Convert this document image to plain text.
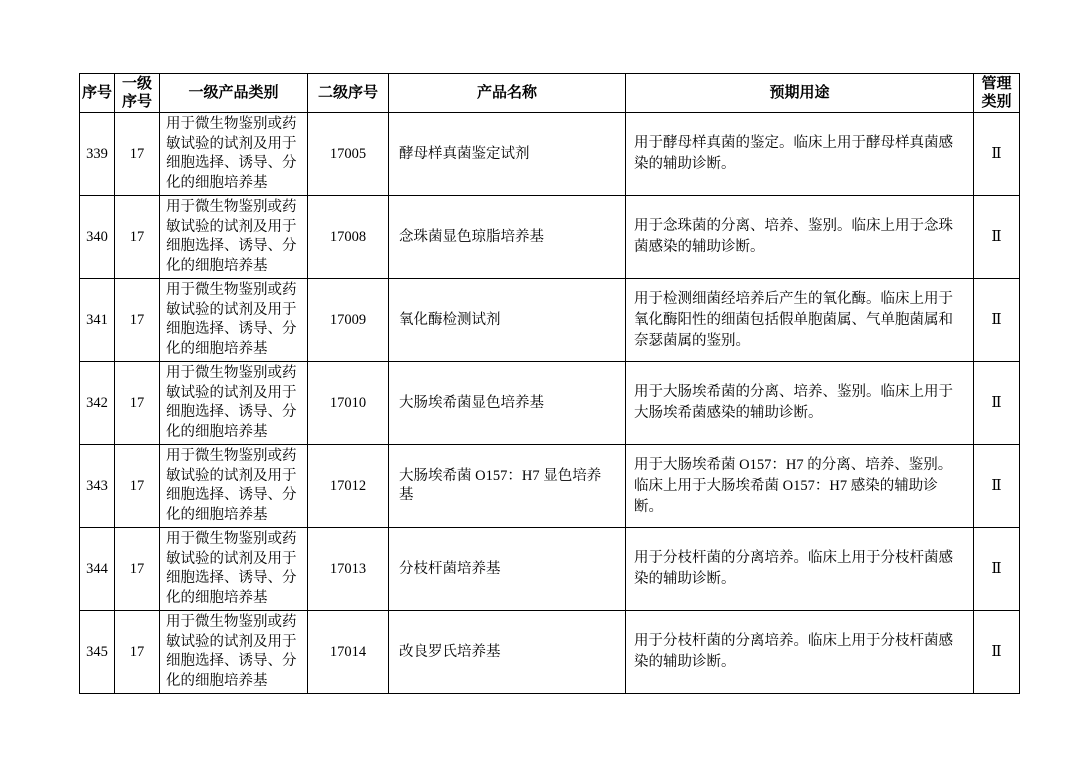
序号	一级序号	一级产品类别	二级序号	产品名称	预期用途	管理类别
339	17	用于微生物鉴别或药敏试验的试剂及用于细胞选择、诱导、分化的细胞培养基	17005	酵母样真菌鉴定试剂	用于酵母样真菌的鉴定。临床上用于酵母样真菌感染的辅助诊断。	Ⅱ
340	17	用于微生物鉴别或药敏试验的试剂及用于细胞选择、诱导、分化的细胞培养基	17008	念珠菌显色琼脂培养基	用于念珠菌的分离、培养、鉴别。临床上用于念珠菌感染的辅助诊断。	Ⅱ
341	17	用于微生物鉴别或药敏试验的试剂及用于细胞选择、诱导、分化的细胞培养基	17009	氧化酶检测试剂	用于检测细菌经培养后产生的氧化酶。临床上用于氧化酶阳性的细菌包括假单胞菌属、气单胞菌属和奈瑟菌属的鉴别。	Ⅱ
342	17	用于微生物鉴别或药敏试验的试剂及用于细胞选择、诱导、分化的细胞培养基	17010	大肠埃希菌显色培养基	用于大肠埃希菌的分离、培养、鉴别。临床上用于大肠埃希菌感染的辅助诊断。	Ⅱ
343	17	用于微生物鉴别或药敏试验的试剂及用于细胞选择、诱导、分化的细胞培养基	17012	大肠埃希菌 O157：H7 显色培养基	用于大肠埃希菌 O157：H7 的分离、培养、鉴别。临床上用于大肠埃希菌 O157：H7 感染的辅助诊断。	Ⅱ
344	17	用于微生物鉴别或药敏试验的试剂及用于细胞选择、诱导、分化的细胞培养基	17013	分枝杆菌培养基	用于分枝杆菌的分离培养。临床上用于分枝杆菌感染的辅助诊断。	Ⅱ
345	17	用于微生物鉴别或药敏试验的试剂及用于细胞选择、诱导、分化的细胞培养基	17014	改良罗氏培养基	用于分枝杆菌的分离培养。临床上用于分枝杆菌感染的辅助诊断。	Ⅱ
